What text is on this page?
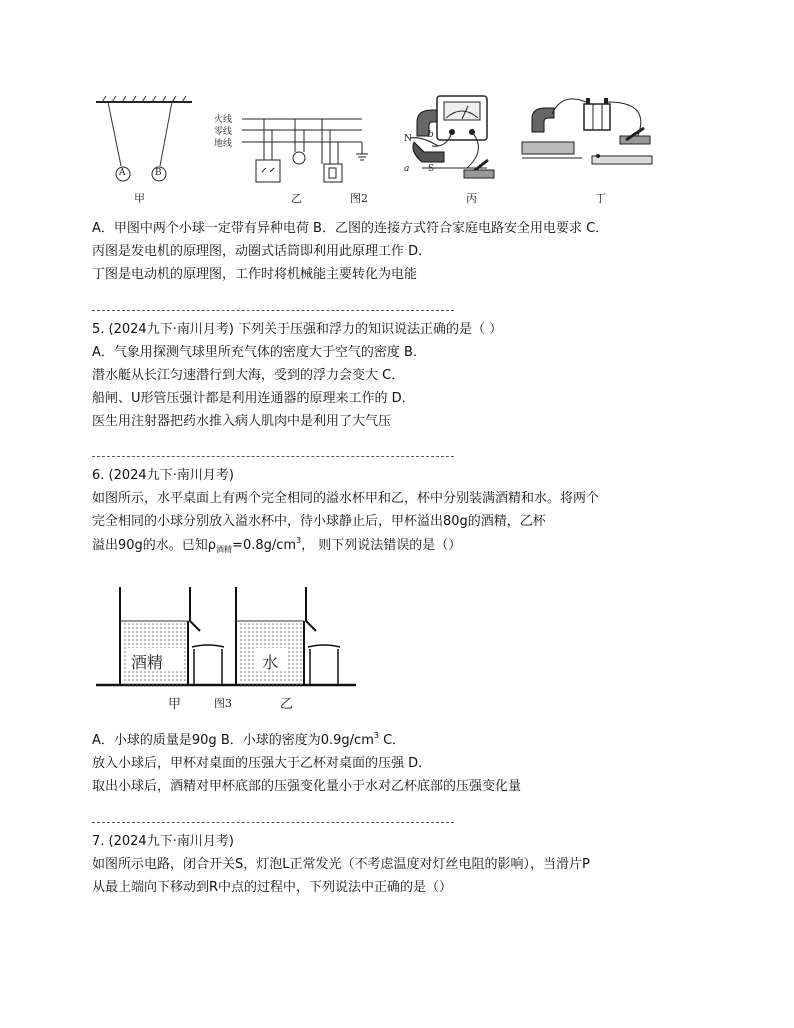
A	B
火线
零线
地线	N b
a S
甲	乙	图2	丙	丁
A．甲图中两个小球一定带有异种电荷 B．乙图的连接方式符合家庭电路安全用电要求 C．
丙图是发电机的原理图，动圈式话筒即利用此原理工作 D．
丁图是电动机的原理图，工作时将机械能主要转化为电能
5. (2024九下·南川月考) 下列关于压强和浮力的知识说法正确的是（ ）
A．气象用探测气球里所充气体的密度大于空气的密度 B．
潜水艇从长江匀速潜行到大海，受到的浮力会变大 C．
船闸、U形管压强计都是利用连通器的原理来工作的 D．
医生用注射器把药水推入病人肌肉中是利用了大气压
6. (2024九下·南川月考)
如图所示，水平桌面上有两个完全相同的溢水杯甲和乙，杯中分别装满酒精和水。将两个
完全相同的小球分别放入溢水杯中，待小球静止后，甲杯溢出80g的酒精，乙杯
溢出90g的水。已知$\rho_{酒精}=0.8g/cm^3$， 则下列说法错误的是（）
酒精	水
甲	图3	乙
A．小球的质量是90g B．小球的密度为$0.9g/cm^3$ C．
放入小球后，甲杯对桌面的压强大于乙杯对桌面的压强 D．
取出小球后，酒精对甲杯底部的压强变化量小于水对乙杯底部的压强变化量
7. (2024九下·南川月考)
如图所示电路，闭合开关S，灯泡L正常发光（不考虑温度对灯丝电阻的影响），当滑片P
从最上端向下移动到R中点的过程中，下列说法中正确的是（）
